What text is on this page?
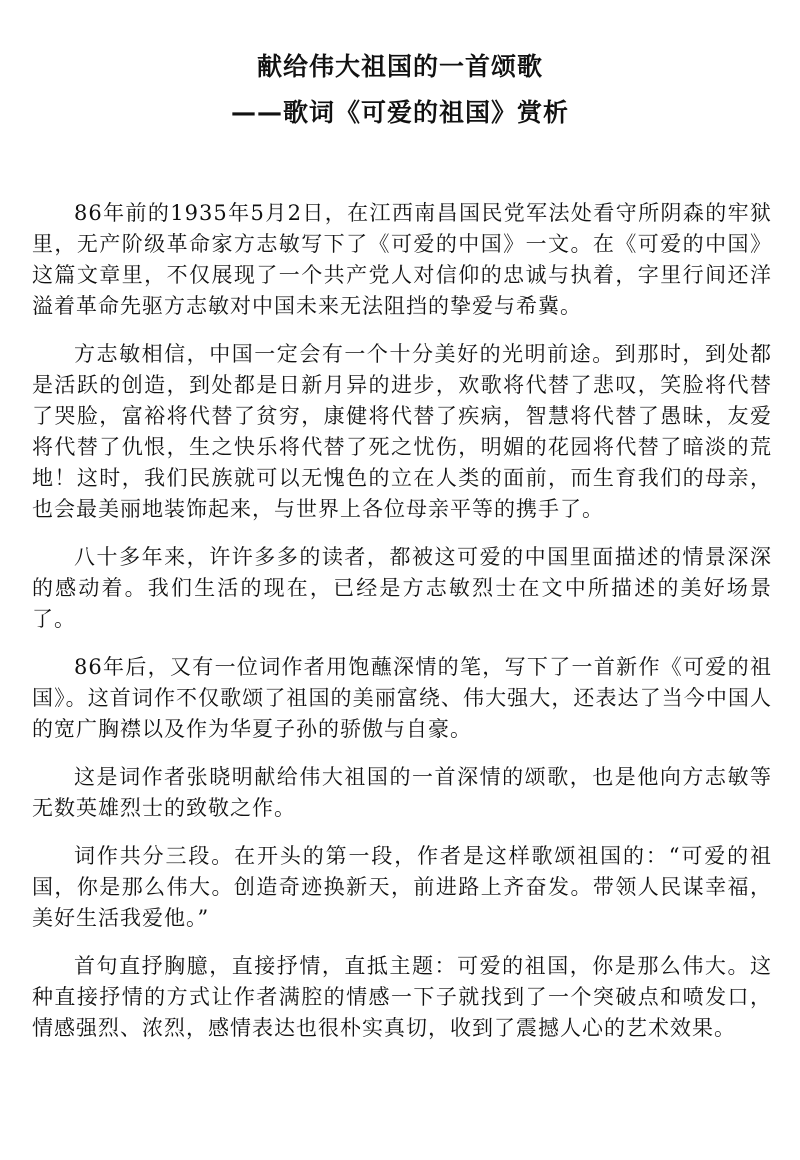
献给伟大祖国的一首颂歌
——歌词《可爱的祖国》赏析

86年前的1935年5月2日，在江西南昌国民党军法处看守所阴森的牢狱里，无产阶级革命家方志敏写下了《可爱的中国》一文。在《可爱的中国》这篇文章里，不仅展现了一个共产党人对信仰的忠诚与执着，字里行间还洋溢着革命先驱方志敏对中国未来无法阻挡的挚爱与希冀。

方志敏相信，中国一定会有一个十分美好的光明前途。到那时，到处都是活跃的创造，到处都是日新月异的进步，欢歌将代替了悲叹，笑脸将代替了哭脸，富裕将代替了贫穷，康健将代替了疾病，智慧将代替了愚昧，友爱将代替了仇恨，生之快乐将代替了死之忧伤，明媚的花园将代替了暗淡的荒地！这时，我们民族就可以无愧色的立在人类的面前，而生育我们的母亲，也会最美丽地装饰起来，与世界上各位母亲平等的携手了。

八十多年来，许许多多的读者，都被这可爱的中国里面描述的情景深深的感动着。我们生活的现在，已经是方志敏烈士在文中所描述的美好场景了。

86年后，又有一位词作者用饱蘸深情的笔，写下了一首新作《可爱的祖国》。这首词作不仅歌颂了祖国的美丽富绕、伟大强大，还表达了当今中国人的宽广胸襟以及作为华夏子孙的骄傲与自豪。

这是词作者张晓明献给伟大祖国的一首深情的颂歌，也是他向方志敏等无数英雄烈士的致敬之作。

词作共分三段。在开头的第一段，作者是这样歌颂祖国的：“可爱的祖国，你是那么伟大。创造奇迹换新天，前进路上齐奋发。带领人民谋幸福，美好生活我爱他。”

首句直抒胸臆，直接抒情，直抵主题：可爱的祖国，你是那么伟大。这种直接抒情的方式让作者满腔的情感一下子就找到了一个突破点和喷发口，情感强烈、浓烈，感情表达也很朴实真切，收到了震撼人心的艺术效果。
